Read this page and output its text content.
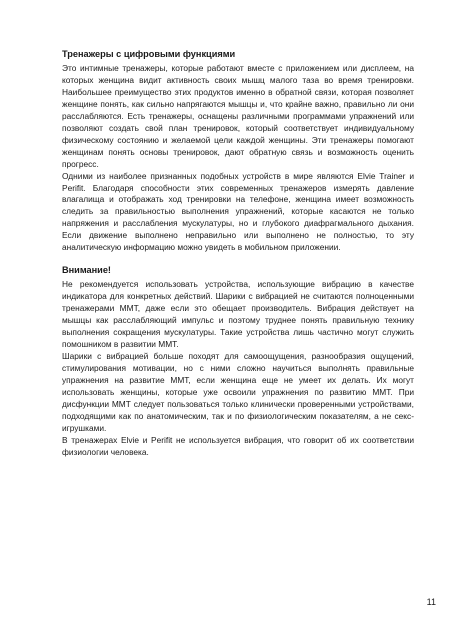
Тренажеры с цифровыми функциями

Это интимные тренажеры, которые работают вместе с приложением или дисплеем, на которых женщина видит активность своих мышц малого таза во время тренировки. Наибольшее преимущество этих продуктов именно в обратной связи, которая позволяет женщине понять, как сильно напрягаются мышцы и, что крайне важно, правильно ли они расслабляются. Есть тренажеры, оснащены различными программами упражнений или позволяют создать свой план тренировок, который соответствует индивидуальному физическому состоянию и желаемой цели каждой женщины. Эти тренажеры помогают женщинам понять основы тренировок, дают обратную связь и возможность оценить прогресс.

Одними из наиболее признанных подобных устройств в мире являются Elvie Trainer и Perifit. Благодаря способности этих современных тренажеров измерять давление влагалища и отображать ход тренировки на телефоне, женщина имеет возможность следить за правильностью выполнения упражнений, которые касаются не только напряжения и расслабления мускулатуры, но и глубокого диафрагмального дыхания. Если движение выполнено неправильно или выполнено не полностью, то эту аналитическую информацию можно увидеть в мобильном приложении.

Внимание!

Не рекомендуется использовать устройства, использующие вибрацию в качестве индикатора для конкретных действий. Шарики с вибрацией не считаются полноценными тренажерами ММТ, даже если это обещает производитель. Вибрация действует на мышцы как расслабляющий импульс и поэтому труднее понять правильную технику выполнения сокращения мускулатуры. Такие устройства лишь частично могут служить помошником в развитии ММТ.

Шарики с вибрацией больше походят для самоощущения, разнообразия ощущений, стимулирования мотивации, но с ними сложно научиться выполнять правильные упражнения на развитие ММТ, если женщина еще не умеет их делать. Их могут использовать женщины, которые уже освоили упражнения по развитию ММТ. При дисфункции ММТ следует пользоваться только клинически проверенными устройствами, подходящими как по анатомическим, так и по физиологическим показателям, а не секс-игрушками.

В тренажерах Elvie и Perifit не используется вибрация, что говорит об их соответствии физиологии человека.

11
